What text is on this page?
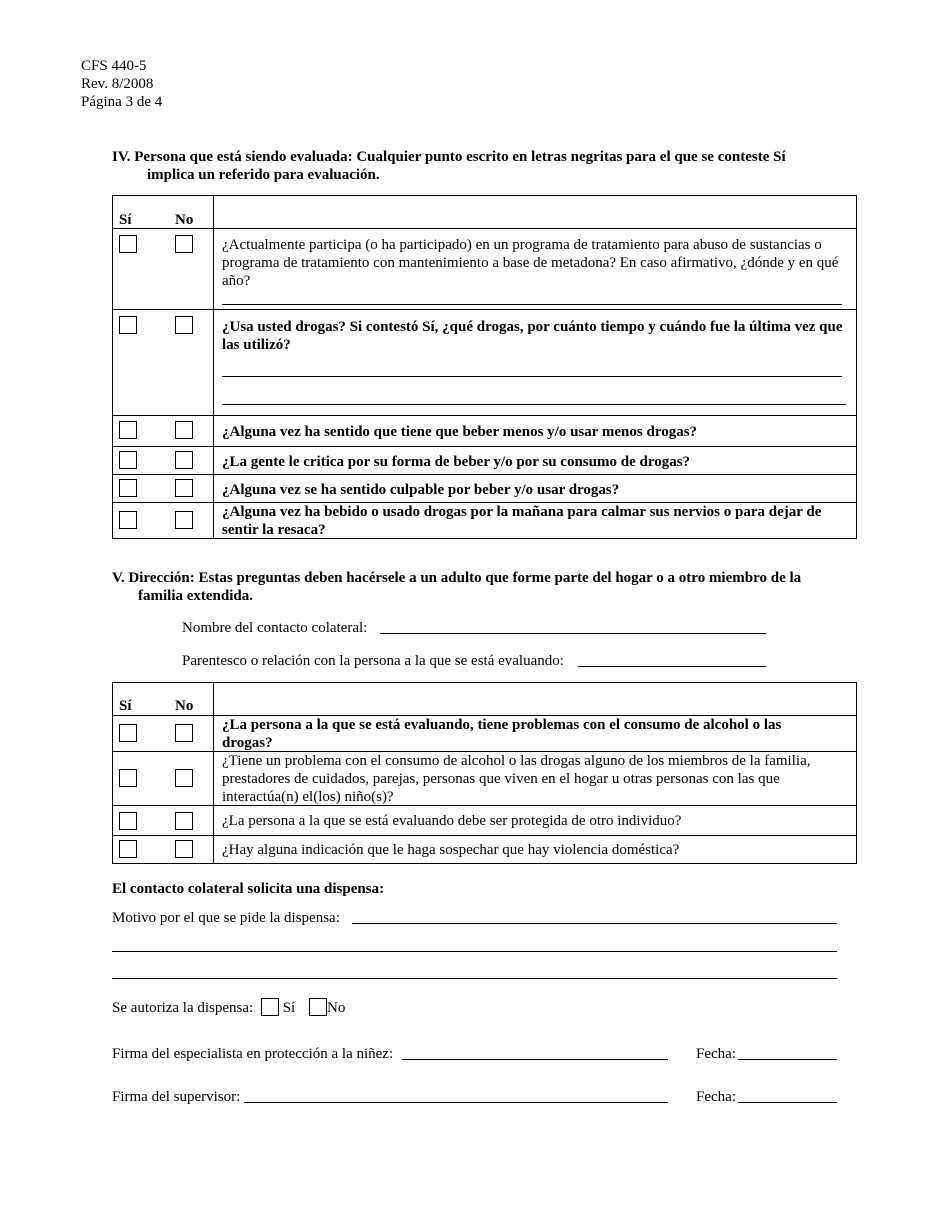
CFS 440-5
Rev. 8/2008
Página 3 de 4
IV. Persona que está siendo evaluada: Cualquier punto escrito en letras negritas para el que se conteste Sí
implica un referido para evaluación.
Sí	No
¿Actualmente participa (o ha participado) en un programa de tratamiento para abuso de sustancias o programa de tratamiento con mantenimiento a base de metadona? En caso afirmativo, ¿dónde y en qué año?
¿Usa usted drogas? Si contestó Sí, ¿qué drogas, por cuánto tiempo y cuándo fue la última vez que las utilizó?
¿Alguna vez ha sentido que tiene que beber menos y/o usar menos drogas?
¿La gente le critica por su forma de beber y/o por su consumo de drogas?
¿Alguna vez se ha sentido culpable por beber y/o usar drogas?
¿Alguna vez ha bebido o usado drogas por la mañana para calmar sus nervios o para dejar de sentir la resaca?
V. Dirección: Estas preguntas deben hacérsele a un adulto que forme parte del hogar o a otro miembro de la
familia extendida.
Nombre del contacto colateral:
Parentesco o relación con la persona a la que se está evaluando:
Sí	No
¿La persona a la que se está evaluando, tiene problemas con el consumo de alcohol o las drogas?
¿Tiene un problema con el consumo de alcohol o las drogas alguno de los miembros de la familia, prestadores de cuidados, parejas, personas que viven en el hogar u otras personas con las que interactúa(n) el(los) niño(s)?
¿La persona a la que se está evaluando debe ser protegida de otro individuo?
¿Hay alguna indicación que le haga sospechar que hay violencia doméstica?
El contacto colateral solicita una dispensa:
Motivo por el que se pide la dispensa:
Se autoriza la dispensa: Sí No
Firma del especialista en protección a la niñez:	Fecha:
Firma del supervisor:	Fecha:
